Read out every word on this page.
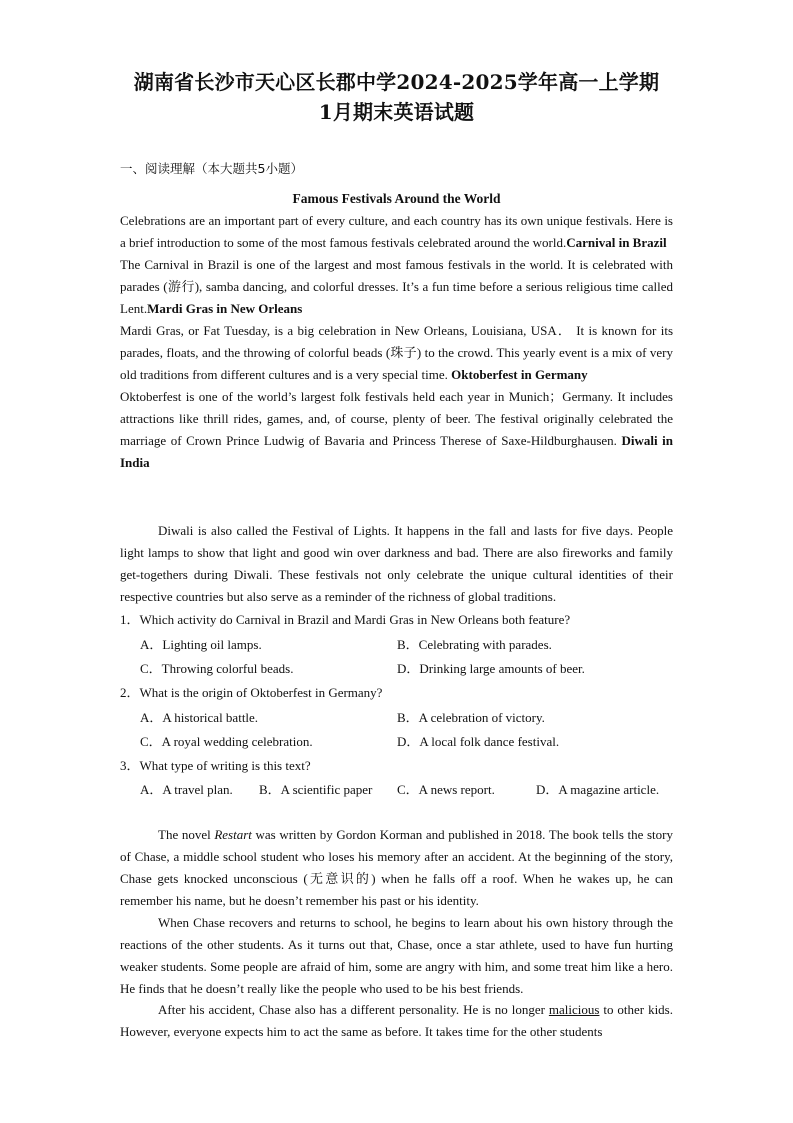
湖南省长沙市天心区长郡中学2024-2025学年高一上学期
1月期末英语试题
一、阅读理解（本大题共5小题）
Famous Festivals Around the World
Celebrations are an important part of every culture, and each country has its own unique festivals. Here is a brief introduction to some of the most famous festivals celebrated around the world.Carnival in Brazil
The Carnival in Brazil is one of the largest and most famous festivals in the world. It is celebrated with parades (游行), samba dancing, and colorful dresses. It’s a fun time before a serious religious time called Lent.Mardi Gras in New Orleans
Mardi Gras, or Fat Tuesday, is a big celebration in New Orleans, Louisiana, USA． It is known for its parades, floats, and the throwing of colorful beads (珠子) to the crowd. This yearly event is a mix of very old traditions from different cultures and is a very special time. Oktoberfest in Germany
Oktoberfest is one of the world’s largest folk festivals held each year in Munich；Germany. It includes attractions like thrill rides, games, and, of course, plenty of beer. The festival originally celebrated the marriage of Crown Prince Ludwig of Bavaria and Princess Therese of Saxe-Hildburghausen. Diwali in India
Diwali is also called the Festival of Lights. It happens in the fall and lasts for five days. People light lamps to show that light and good win over darkness and bad. There are also fireworks and family get-togethers during Diwali. These festivals not only celebrate the unique cultural identities of their respective countries but also serve as a reminder of the richness of global traditions.
1．Which activity do Carnival in Brazil and Mardi Gras in New Orleans both feature?
A．Lighting oil lamps.	B．Celebrating with parades.
C．Throwing colorful beads.	D．Drinking large amounts of beer.
2．What is the origin of Oktoberfest in Germany?
A．A historical battle.	B．A celebration of victory.
C．A royal wedding celebration.	D．A local folk dance festival.
3．What type of writing is this text?
A．A travel plan. B．A scientific paper C．A news report.	D．A magazine article.
The novel Restart was written by Gordon Korman and published in 2018. The book tells the story of Chase, a middle school student who loses his memory after an accident. At the beginning of the story, Chase gets knocked unconscious (无意识的) when he falls off a roof. When he wakes up, he can remember his name, but he doesn’t remember his past or his identity.
When Chase recovers and returns to school, he begins to learn about his own history through the reactions of the other students. As it turns out that, Chase, once a star athlete, used to have fun hurting weaker students. Some people are afraid of him, some are angry with him, and some treat him like a hero. He finds that he doesn’t really like the people who used to be his best friends.
After his accident, Chase also has a different personality. He is no longer malicious to other kids. However, everyone expects him to act the same as before. It takes time for the other students
